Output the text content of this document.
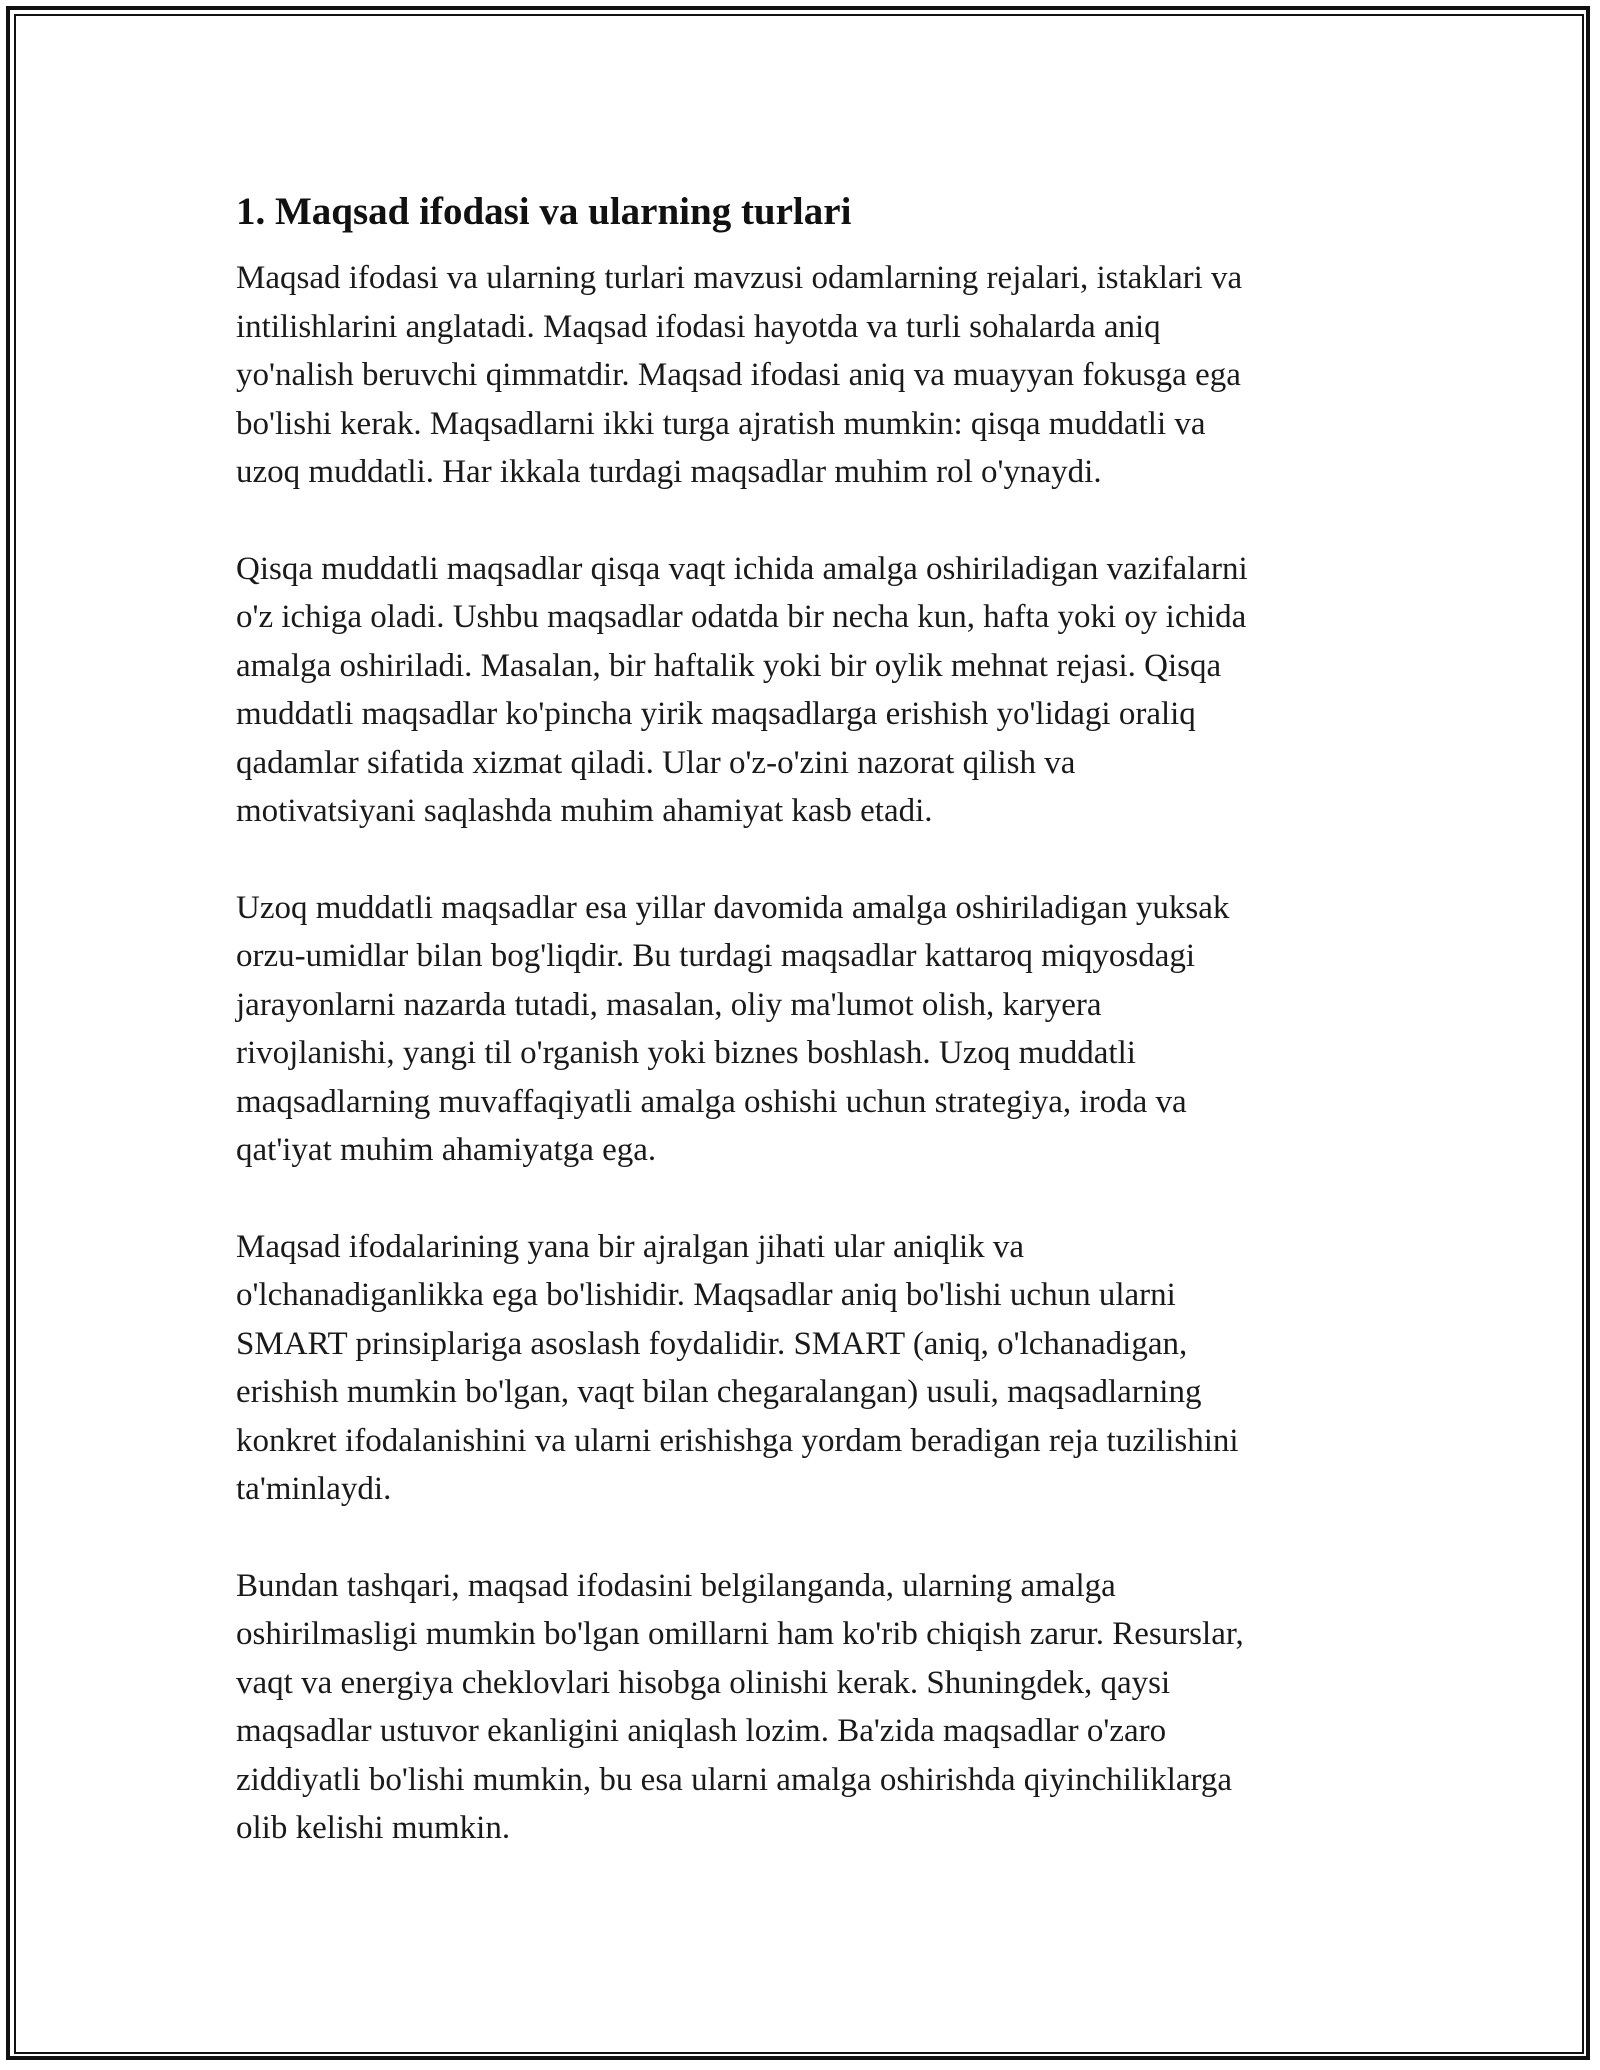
1. Maqsad ifodasi va ularning turlari

Maqsad ifodasi va ularning turlari mavzusi odamlarning rejalari, istaklari va
intilishlarini anglatadi. Maqsad ifodasi hayotda va turli sohalarda aniq
yo'nalish beruvchi qimmatdir. Maqsad ifodasi aniq va muayyan fokusga ega
bo'lishi kerak. Maqsadlarni ikki turga ajratish mumkin: qisqa muddatli va
uzoq muddatli. Har ikkala turdagi maqsadlar muhim rol o'ynaydi.

Qisqa muddatli maqsadlar qisqa vaqt ichida amalga oshiriladigan vazifalarni
o'z ichiga oladi. Ushbu maqsadlar odatda bir necha kun, hafta yoki oy ichida
amalga oshiriladi. Masalan, bir haftalik yoki bir oylik mehnat rejasi. Qisqa
muddatli maqsadlar ko'pincha yirik maqsadlarga erishish yo'lidagi oraliq
qadamlar sifatida xizmat qiladi. Ular o'z-o'zini nazorat qilish va
motivatsiyani saqlashda muhim ahamiyat kasb etadi.

Uzoq muddatli maqsadlar esa yillar davomida amalga oshiriladigan yuksak
orzu-umidlar bilan bog'liqdir. Bu turdagi maqsadlar kattaroq miqyosdagi
jarayonlarni nazarda tutadi, masalan, oliy ma'lumot olish, karyera
rivojlanishi, yangi til o'rganish yoki biznes boshlash. Uzoq muddatli
maqsadlarning muvaffaqiyatli amalga oshishi uchun strategiya, iroda va
qat'iyat muhim ahamiyatga ega.

Maqsad ifodalarining yana bir ajralgan jihati ular aniqlik va
o'lchanadiganlikka ega bo'lishidir. Maqsadlar aniq bo'lishi uchun ularni
SMART prinsiplariga asoslash foydalidir. SMART (aniq, o'lchanadigan,
erishish mumkin bo'lgan, vaqt bilan chegaralangan) usuli, maqsadlarning
konkret ifodalanishini va ularni erishishga yordam beradigan reja tuzilishini
ta'minlaydi.

Bundan tashqari, maqsad ifodasini belgilanganda, ularning amalga
oshirilmasligi mumkin bo'lgan omillarni ham ko'rib chiqish zarur. Resurslar,
vaqt va energiya cheklovlari hisobga olinishi kerak. Shuningdek, qaysi
maqsadlar ustuvor ekanligini aniqlash lozim. Ba'zida maqsadlar o'zaro
ziddiyatli bo'lishi mumkin, bu esa ularni amalga oshirishda qiyinchiliklarga
olib kelishi mumkin.
